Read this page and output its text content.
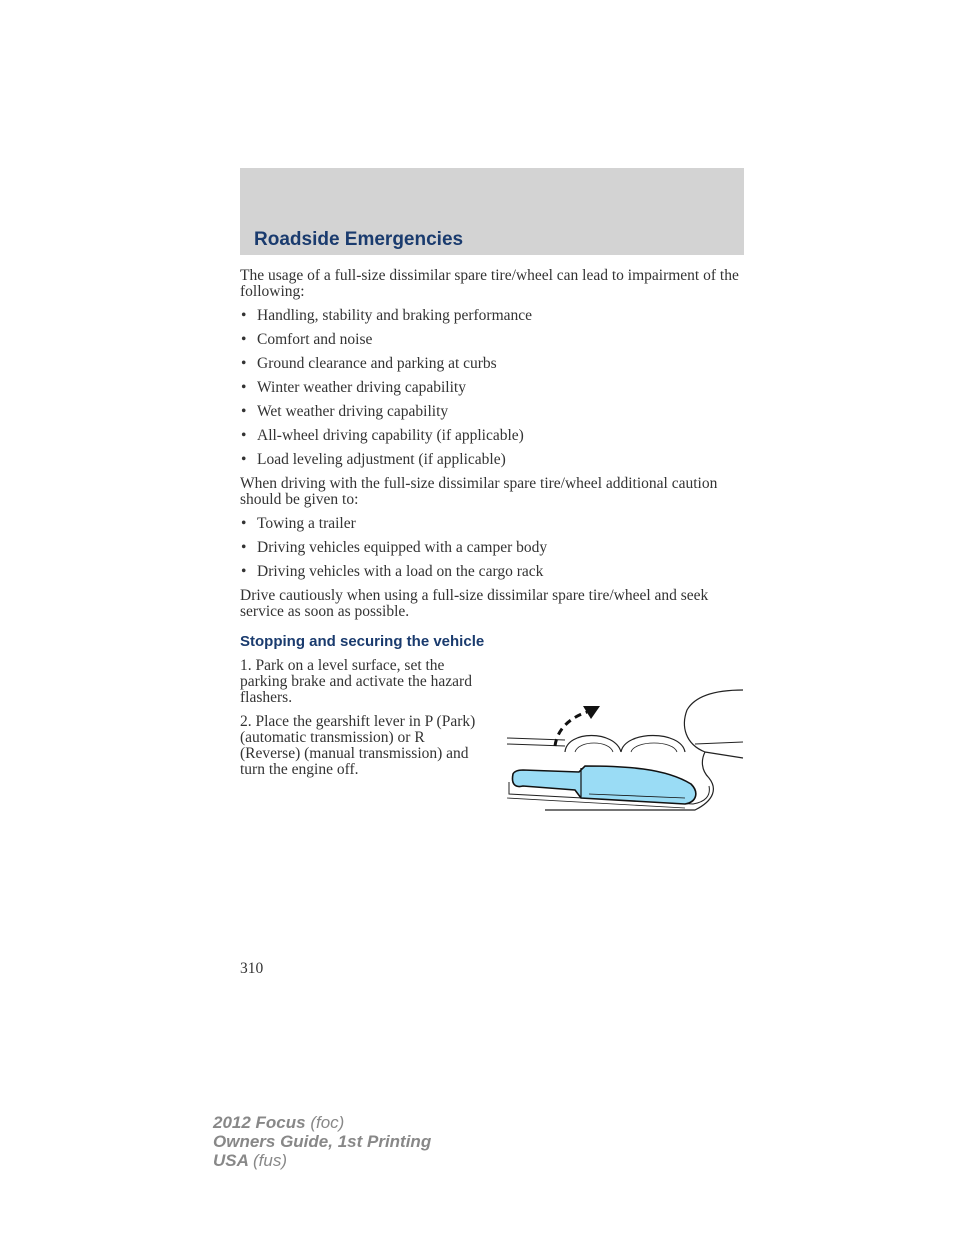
Roadside Emergencies

The usage of a full-size dissimilar spare tire/wheel can lead to impairment of the following:

• Handling, stability and braking performance
• Comfort and noise
• Ground clearance and parking at curbs
• Winter weather driving capability
• Wet weather driving capability
• All-wheel driving capability (if applicable)
• Load leveling adjustment (if applicable)

When driving with the full-size dissimilar spare tire/wheel additional caution should be given to:

• Towing a trailer
• Driving vehicles equipped with a camper body
• Driving vehicles with a load on the cargo rack

Drive cautiously when using a full-size dissimilar spare tire/wheel and seek service as soon as possible.

Stopping and securing the vehicle

1. Park on a level surface, set the parking brake and activate the hazard flashers.

2. Place the gearshift lever in P (Park) (automatic transmission) or R (Reverse) (manual transmission) and turn the engine off.

310
2012 Focus (foc)
Owners Guide, 1st Printing
USA (fus)
